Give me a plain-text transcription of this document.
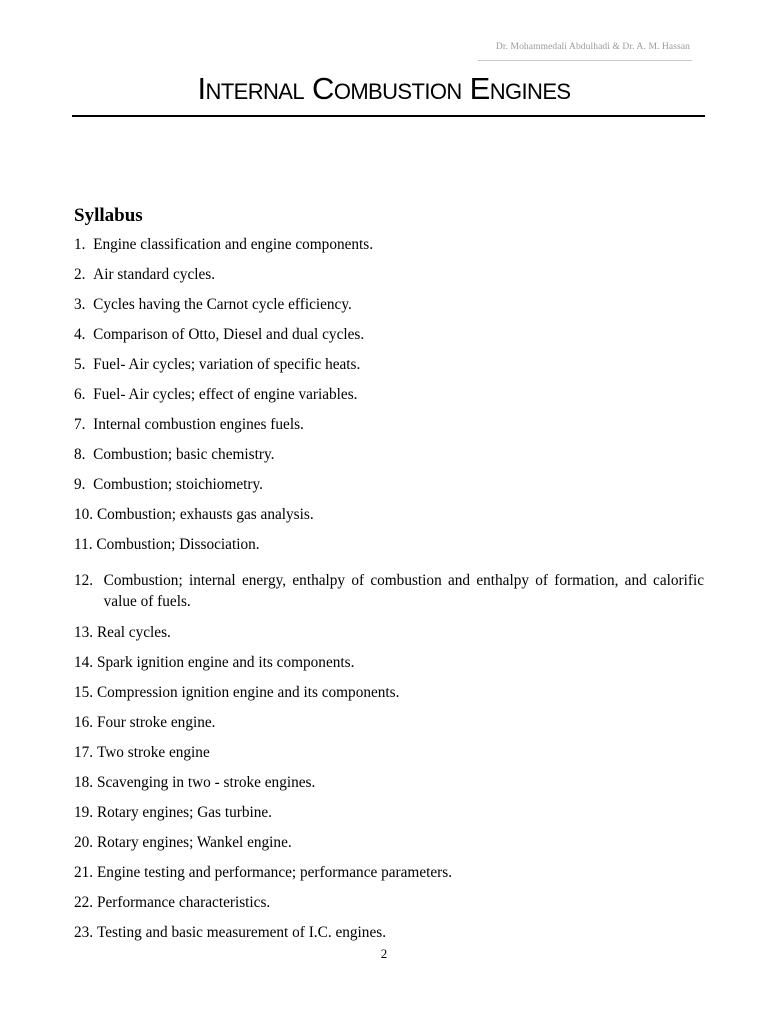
Dr. Mohammedali Abdulhadi & Dr. A. M. Hassan
Internal Combustion Engines
Syllabus
1.
Engine classification and engine components.
2.
Air standard cycles.
3.
Cycles having the Carnot cycle efficiency.
4.
Comparison of Otto, Diesel and dual cycles.
5.
Fuel- Air cycles; variation of specific heats.
6.
Fuel- Air cycles; effect of engine variables.
7.
Internal combustion engines fuels.
8.
Combustion; basic chemistry.
9.
Combustion; stoichiometry.
10.
Combustion; exhausts gas analysis.
11.
Combustion; Dissociation.
12.
Combustion; internal energy, enthalpy of combustion and enthalpy of formation, and calorific value of fuels.
13.
Real cycles.
14.
Spark ignition engine and its components.
15.
Compression ignition engine and its components.
16.
Four stroke engine.
17.
Two stroke engine
18.
Scavenging in two - stroke engines.
19.
Rotary engines; Gas turbine.
20.
Rotary engines; Wankel engine.
21.
Engine testing and performance; performance parameters.
22.
Performance characteristics.
23.
Testing and basic measurement of I.C. engines.
2
